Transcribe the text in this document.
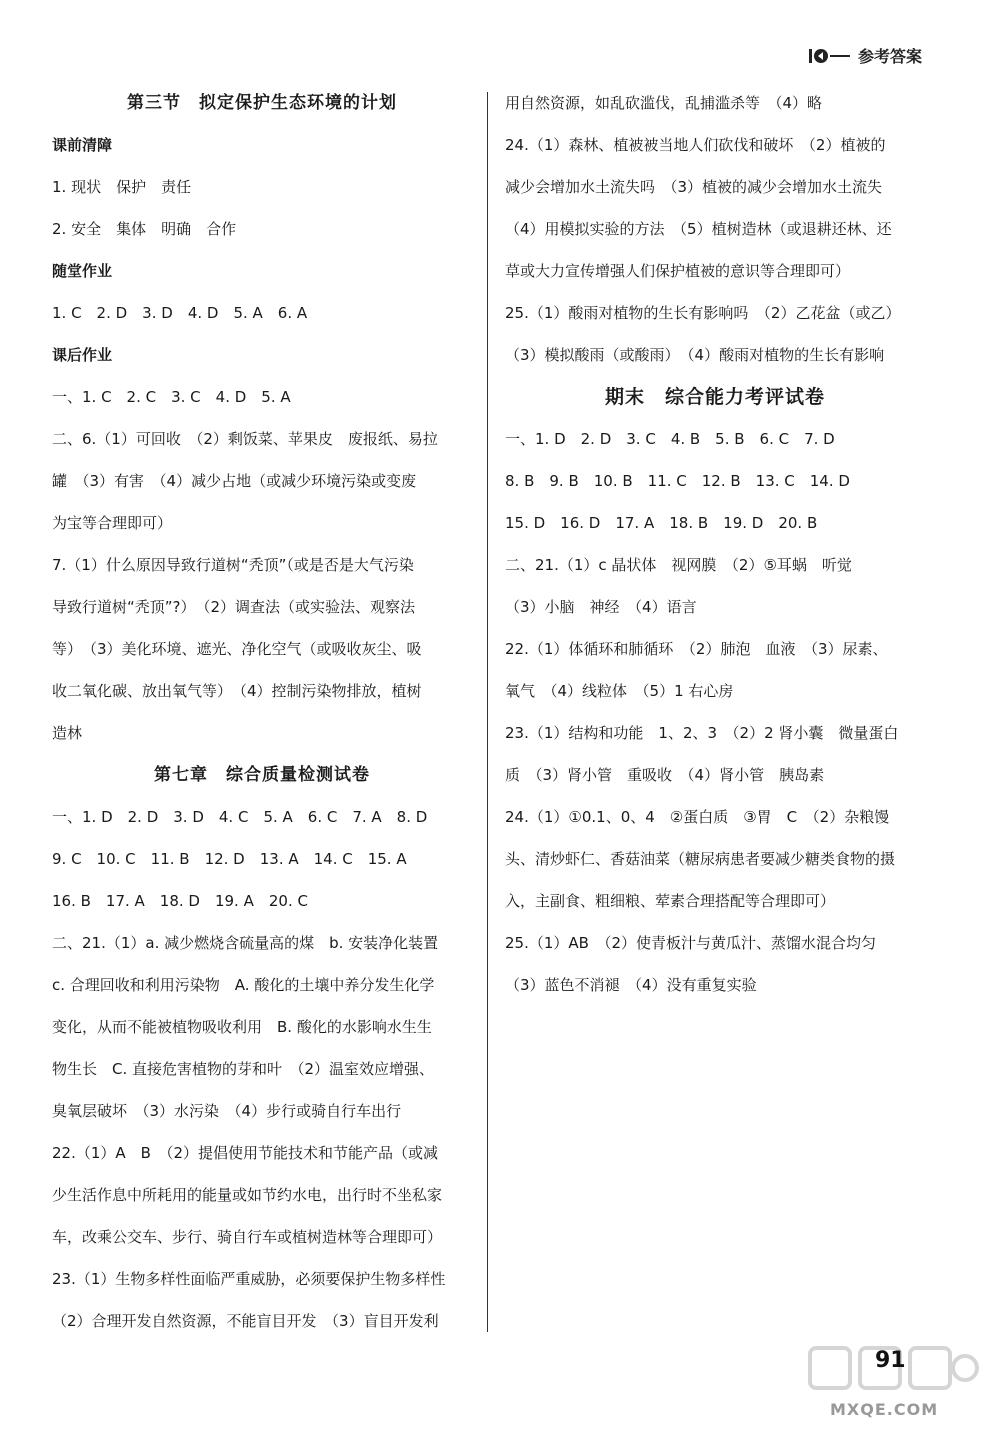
参考答案
第三节　拟定保护生态环境的计划
课前清障
1. 现状　保护　责任
2. 安全　集体　明确　合作
随堂作业
1. C　2. D　3. D　4. D　5. A　6. A
课后作业
一、1. C　2. C　3. C　4. D　5. A
二、6.（1）可回收　（2）剩饭菜、苹果皮　废报纸、易拉
罐　（3）有害　（4）减少占地（或减少环境污染或变废
为宝等合理即可）
7.（1）什么原因导致行道树“秃顶”（或是否是大气污染
导致行道树“秃顶”?）　（2）调查法（或实验法、观察法
等）　（3）美化环境、遮光、净化空气（或吸收灰尘、吸
收二氧化碳、放出氧气等）　（4）控制污染物排放，植树
造林
第七章　综合质量检测试卷
一、1. D　2. D　3. D　4. C　5. A　6. C　7. A　8. D
9. C　10. C　11. B　12. D　13. A　14. C　15. A
16. B　17. A　18. D　19. A　20. C
二、21.（1）a. 减少燃烧含硫量高的煤　b. 安装净化装置
c. 合理回收和利用污染物　A. 酸化的土壤中养分发生化学
变化，从而不能被植物吸收利用　B. 酸化的水影响水生生
物生长　C. 直接危害植物的芽和叶　（2）温室效应增强、
臭氧层破坏　（3）水污染　（4）步行或骑自行车出行
22.（1）A　B　（2）提倡使用节能技术和节能产品（或减
少生活作息中所耗用的能量或如节约水电，出行时不坐私家
车，改乘公交车、步行、骑自行车或植树造林等合理即可）
23.（1）生物多样性面临严重威胁，必须要保护生物多样性
（2）合理开发自然资源，不能盲目开发　（3）盲目开发利
用自然资源，如乱砍滥伐，乱捕滥杀等　（4）略
24.（1）森林、植被被当地人们砍伐和破坏　（2）植被的
减少会增加水土流失吗　（3）植被的减少会增加水土流失
（4）用模拟实验的方法　（5）植树造林（或退耕还林、还
草或大力宣传增强人们保护植被的意识等合理即可）
25.（1）酸雨对植物的生长有影响吗　（2）乙花盆（或乙）
（3）模拟酸雨（或酸雨）　（4）酸雨对植物的生长有影响
期末　综合能力考评试卷
一、1. D　2. D　3. C　4. B　5. B　6. C　7. D
8. B　9. B　10. B　11. C　12. B　13. C　14. D
15. D　16. D　17. A　18. B　19. D　20. B
二、21.（1）c 晶状体　视网膜　（2）⑤耳蜗　听觉
（3）小脑　神经　（4）语言
22.（1）体循环和肺循环　（2）肺泡　血液　（3）尿素、
氧气　（4）线粒体　（5）1 右心房
23.（1）结构和功能　1、2、3　（2）2 肾小囊　微量蛋白
质　（3）肾小管　重吸收　（4）肾小管　胰岛素
24.（1）①0.1、0、4　②蛋白质　③胃　C　（2）杂粮馒
头、清炒虾仁、香菇油菜（糖尿病患者要减少糖类食物的摄
入，主副食、粗细粮、荤素合理搭配等合理即可）
25.（1）AB　（2）使青板汁与黄瓜汁、蒸馏水混合均匀
（3）蓝色不消褪　（4）没有重复实验
91
MXQE.COM
